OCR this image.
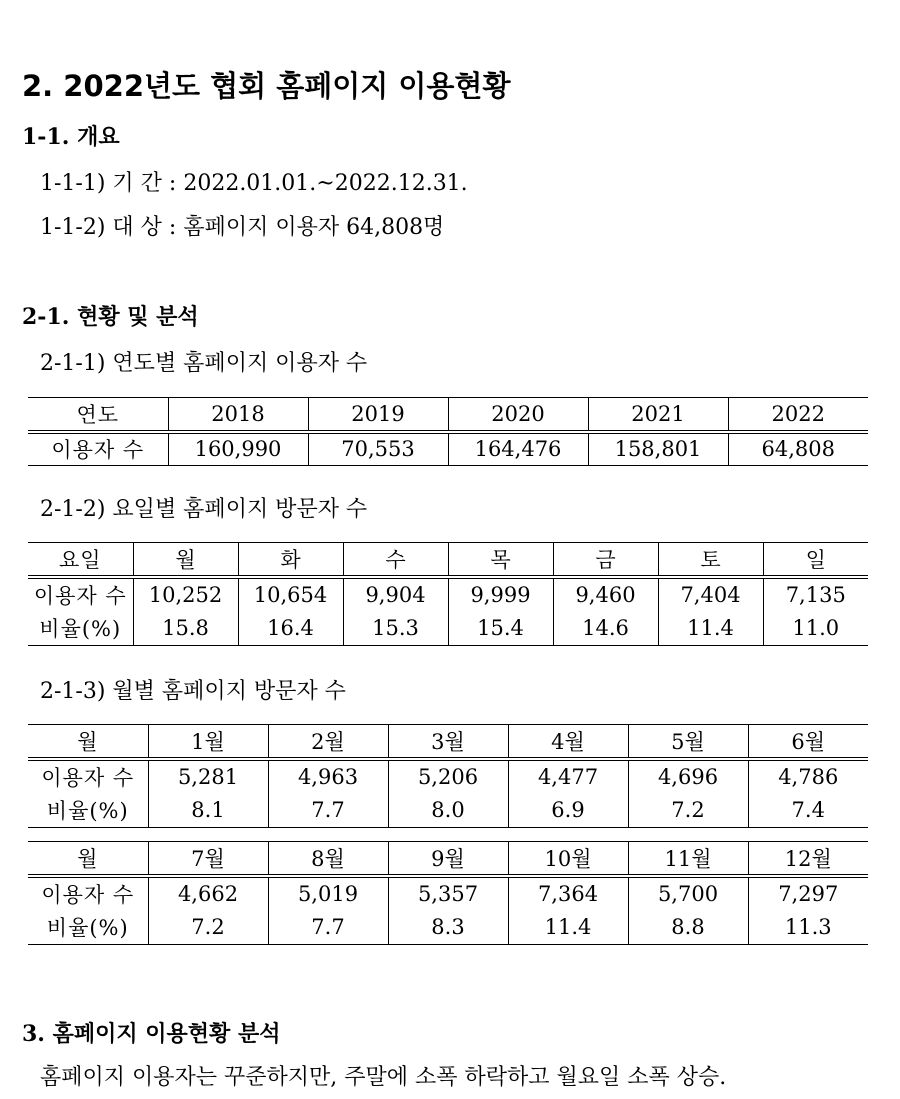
2. 2022년도 협회 홈페이지 이용현황
1-1. 개요
1-1-1) 기 간 : 2022.01.01.~2022.12.31.
1-1-2) 대 상 : 홈페이지 이용자 64,808명
2-1. 현황 및 분석
2-1-1) 연도별 홈페이지 이용자 수
연도	2018	2019	2020	2021	2022
이용자 수	160,990	70,553	164,476	158,801	64,808
2-1-2) 요일별 홈페이지 방문자 수
요일	월	화	수	목	금	토	일
이용자 수	10,252	10,654	9,904	9,999	9,460	7,404	7,135
비율(%)	15.8	16.4	15.3	15.4	14.6	11.4	11.0
2-1-3) 월별 홈페이지 방문자 수
월	1월	2월	3월	4월	5월	6월
이용자 수	5,281	4,963	5,206	4,477	4,696	4,786
비율(%)	8.1	7.7	8.0	6.9	7.2	7.4
월	7월	8월	9월	10월	11월	12월
이용자 수	4,662	5,019	5,357	7,364	5,700	7,297
비율(%)	7.2	7.7	8.3	11.4	8.8	11.3
3. 홈페이지 이용현황 분석
홈페이지 이용자는 꾸준하지만, 주말에 소폭 하락하고 월요일 소폭 상승.
